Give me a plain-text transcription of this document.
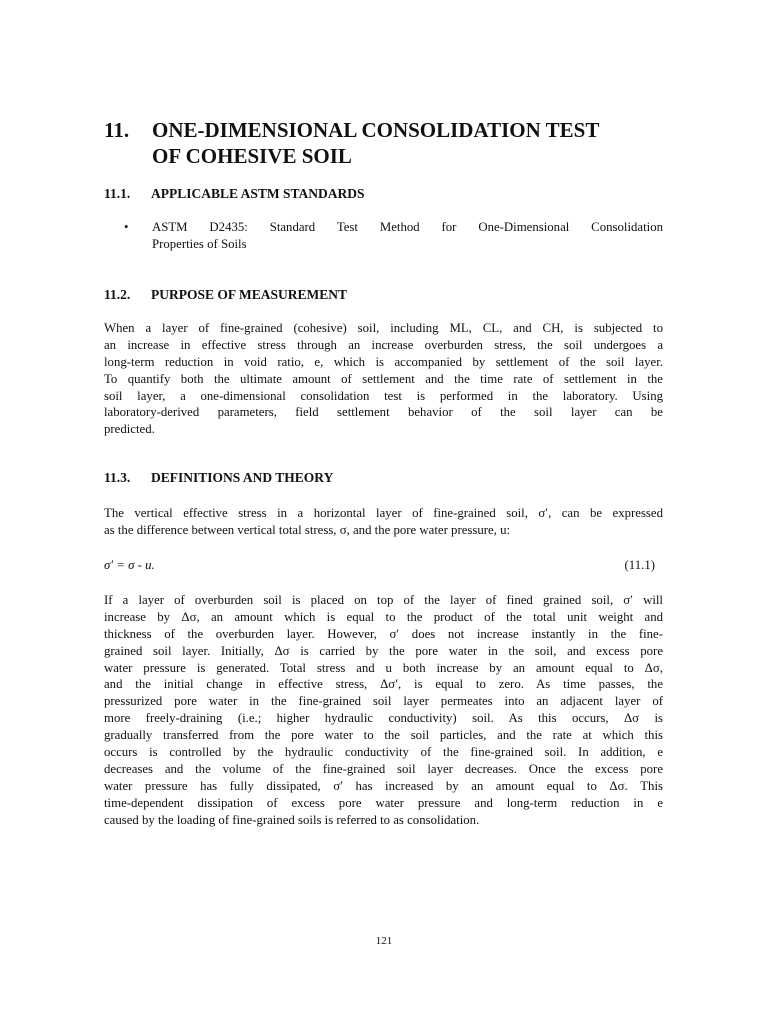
11. ONE-DIMENSIONAL CONSOLIDATION TEST
OF COHESIVE SOIL
11.1. APPLICABLE ASTM STANDARDS
• ASTM D2435: Standard Test Method for One-Dimensional Consolidation
Properties of Soils
11.2. PURPOSE OF MEASUREMENT
When a layer of fine-grained (cohesive) soil, including ML, CL, and CH, is subjected to
an increase in effective stress through an increase overburden stress, the soil undergoes a
long-term reduction in void ratio, e, which is accompanied by settlement of the soil layer.
To quantify both the ultimate amount of settlement and the time rate of settlement in the
soil layer, a one-dimensional consolidation test is performed in the laboratory. Using
laboratory-derived parameters, field settlement behavior of the soil layer can be
predicted.
11.3. DEFINITIONS AND THEORY
The vertical effective stress in a horizontal layer of fine-grained soil, σ′, can be expressed
as the difference between vertical total stress, σ, and the pore water pressure, u:
σ′ = σ - u.	(11.1)
If a layer of overburden soil is placed on top of the layer of fined grained soil, σ′ will
increase by Δσ, an amount which is equal to the product of the total unit weight and
thickness of the overburden layer. However, σ′ does not increase instantly in the fine-
grained soil layer. Initially, Δσ is carried by the pore water in the soil, and excess pore
water pressure is generated. Total stress and u both increase by an amount equal to Δσ,
and the initial change in effective stress, Δσ′, is equal to zero. As time passes, the
pressurized pore water in the fine-grained soil layer permeates into an adjacent layer of
more freely-draining (i.e.; higher hydraulic conductivity) soil. As this occurs, Δσ is
gradually transferred from the pore water to the soil particles, and the rate at which this
occurs is controlled by the hydraulic conductivity of the fine-grained soil. In addition, e
decreases and the volume of the fine-grained soil layer decreases. Once the excess pore
water pressure has fully dissipated, σ′ has increased by an amount equal to Δσ. This
time-dependent dissipation of excess pore water pressure and long-term reduction in e
caused by the loading of fine-grained soils is referred to as consolidation.
121
